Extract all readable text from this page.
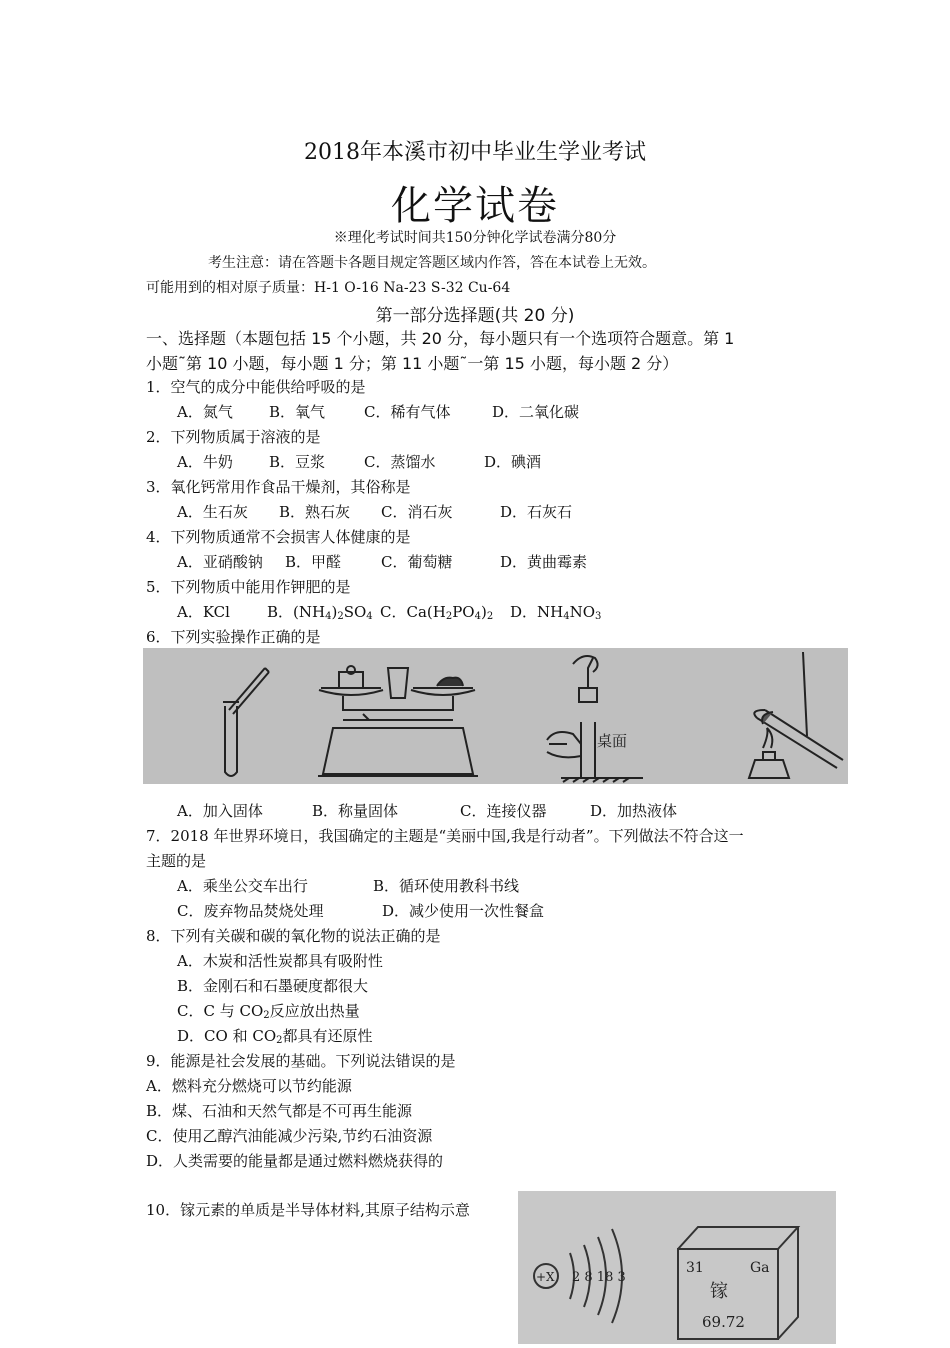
2018年本溪市初中毕业生学业考试
化学试卷
※理化考试时间共150分钟化学试卷满分80分
考生注意：请在答题卡各题目规定答题区域内作答，答在本试卷上无效。
可能用到的相对原子质量：H-1 O-16 Na-23 S-32 Cu-64
第一部分选择题(共 20 分)
一、选择题（本题包括 15 个小题，共 20 分，每小题只有一个选项符合题意。第 1
小题˜第 10 小题，每小题 1 分；第 11 小题˜一第 15 小题，每小题 2 分）
1．空气的成分中能供给呼吸的是
A．氮气 B．氧气	C．稀有气体	D．二氧化碳
2．下列物质属于溶液的是
A．牛奶 B．豆浆	C．蒸馏水	D．碘酒
3．氧化钙常用作食品干燥剂，其俗称是
A．生石灰 B．熟石灰 C．消石灰	D．石灰石
4．下列物质通常不会损害人体健康的是
A．亚硝酸钠 B．甲醛	C．葡萄糖	D．黄曲霉素
5．下列物质中能用作钾肥的是
A．KCl B．$(NH_4)_2SO_4$ C．$Ca(H_2PO_4)_2$ D．$NH_4NO_3$
6．下列实验操作正确的是
桌面
A．加入固体	B．称量固体	C．连接仪器	D．加热液体
7．2018 年世界环境日，我国确定的主题是“美丽中国,我是行动者”。下列做法不符合这一
主题的是
A．乘坐公交车出行	B．循环使用教科书线
C．废弃物品焚烧处理	D．减少使用一次性餐盒
8．下列有关碳和碳的氧化物的说法正确的是
A．木炭和活性炭都具有吸附性
B．金刚石和石墨硬度都很大
C．C 与 $CO_2$反应放出热量
D．CO 和 $CO_2$都具有还原性
9．能源是社会发展的基础。下列说法错误的是
A．燃料充分燃烧可以节约能源
B．煤、石油和天然气都是不可再生能源
C．使用乙醇汽油能减少污染,节约石油资源
D．人类需要的能量都是通过燃料燃烧获得的
10．镓元素的单质是半导体材料,其原子结构示意
+X 2 8 18 3
31	Ga
镓
69.72
